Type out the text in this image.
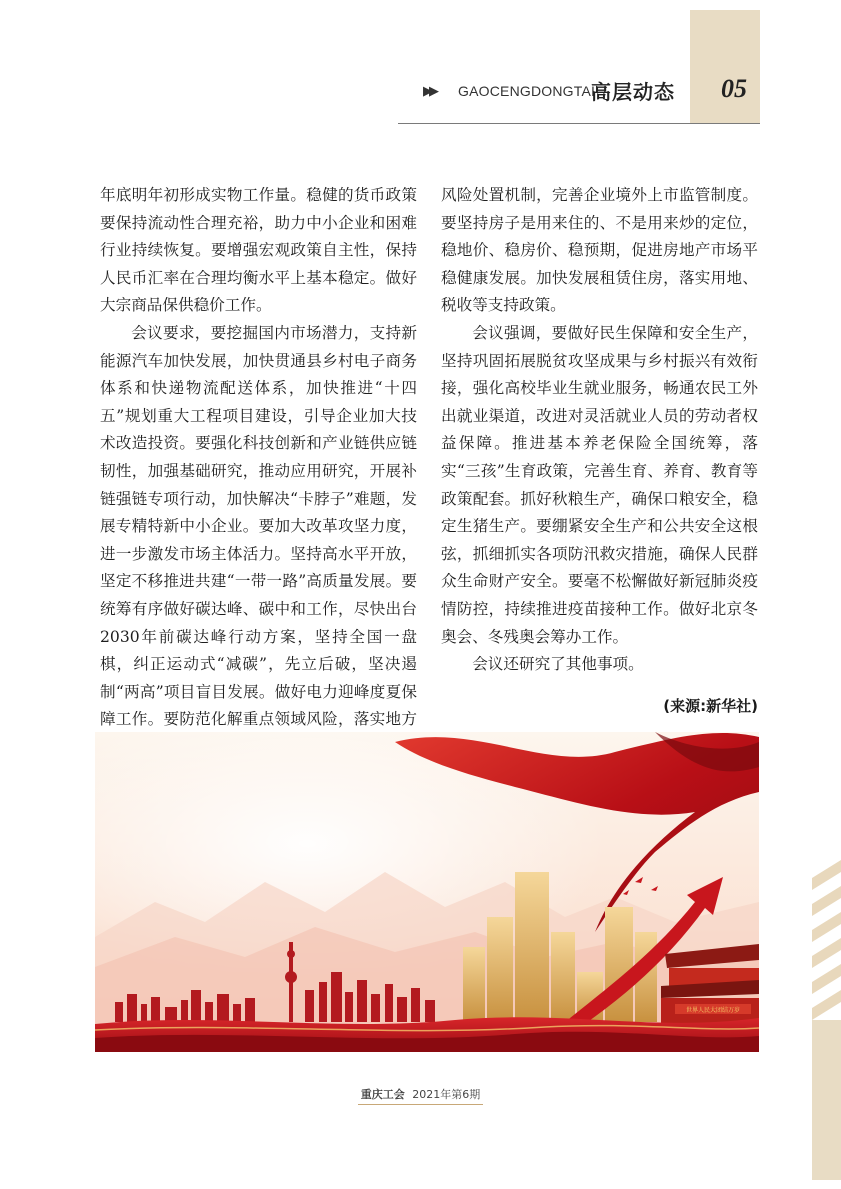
▶▶ GAOCENGDONGTAI
高层动态 05

年底明年初形成实物工作量。稳健的货币政策要保持流动性合理充裕，助力中小企业和困难行业持续恢复。要增强宏观政策自主性，保持人民币汇率在合理均衡水平上基本稳定。做好大宗商品保供稳价工作。

会议要求，要挖掘国内市场潜力，支持新能源汽车加快发展，加快贯通县乡村电子商务体系和快递物流配送体系，加快推进“十四五”规划重大工程项目建设，引导企业加大技术改造投资。要强化科技创新和产业链供应链韧性，加强基础研究，推动应用研究，开展补链强链专项行动，加快解决“卡脖子”难题，发展专精特新中小企业。要加大改革攻坚力度，进一步激发市场主体活力。坚持高水平开放，坚定不移推进共建“一带一路”高质量发展。要统筹有序做好碳达峰、碳中和工作，尽快出台2030年前碳达峰行动方案，坚持全国一盘棋，纠正运动式“减碳”，先立后破，坚决遏制“两高”项目盲目发展。做好电力迎峰度夏保障工作。要防范化解重点领域风险，落实地方

风险处置机制，完善企业境外上市监管制度。要坚持房子是用来住的、不是用来炒的定位，稳地价、稳房价、稳预期，促进房地产市场平稳健康发展。加快发展租赁住房，落实用地、税收等支持政策。

会议强调，要做好民生保障和安全生产，坚持巩固拓展脱贫攻坚成果与乡村振兴有效衔接，强化高校毕业生就业服务，畅通农民工外出就业渠道，改进对灵活就业人员的劳动者权益保障。推进基本养老保险全国统筹，落实“三孩”生育政策，完善生育、养育、教育等政策配套。抓好秋粮生产，确保口粮安全，稳定生猪生产。要绷紧安全生产和公共安全这根弦，抓细抓实各项防汛救灾措施，确保人民群众生命财产安全。要毫不松懈做好新冠肺炎疫情防控，持续推进疫苗接种工作。做好北京冬奥会、冬残奥会筹办工作。

会议还研究了其他事项。

(来源:新华社)
世界人民大团结万岁
重庆工会 2021年第6期
